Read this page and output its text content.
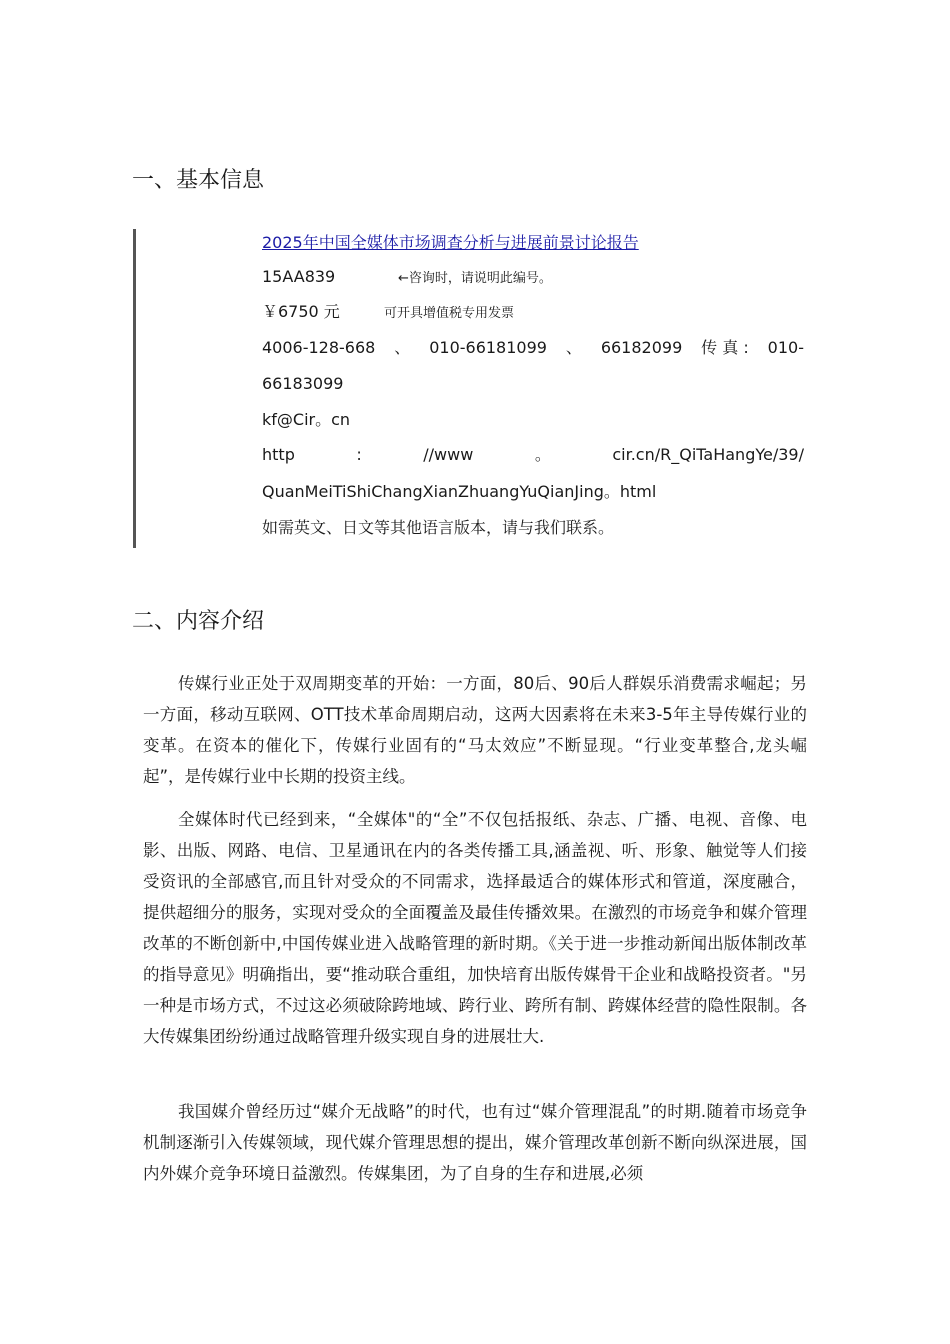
一、基本信息
2025年中国全媒体市场调查分析与进展前景讨论报告
15AA839	←咨询时，请说明此编号。
￥6750 元	可开具增值税专用发票
4006-128-668 、 010-66181099 、 66182099 传 真 : 010-
66183099
kf@Cir。cn
http	:	//www	。	cir.cn/R_QiTaHangYe/39/
QuanMeiTiShiChangXianZhuangYuQianJing。html
如需英文、日文等其他语言版本，请与我们联系。
二、内容介绍

传媒行业正处于双周期变革的开始：一方面，80后、90后人群娱乐消费需求崛起；另一方面，移动互联网、OTT技术革命周期启动，这两大因素将在未来3-5年主导传媒行业的变革。在资本的催化下，传媒行业固有的“马太效应”不断显现。“行业变革整合,龙头崛起”，是传媒行业中长期的投资主线。

全媒体时代已经到来，“全媒体"的“全”不仅包括报纸、杂志、广播、电视、音像、电影、出版、网路、电信、卫星通讯在内的各类传播工具,涵盖视、听、形象、触觉等人们接受资讯的全部感官,而且针对受众的不同需求，选择最适合的媒体形式和管道，深度融合，提供超细分的服务，实现对受众的全面覆盖及最佳传播效果。在激烈的市场竞争和媒介管理改革的不断创新中,中国传媒业进入战略管理的新时期。《关于进一步推动新闻出版体制改革的指导意见》明确指出，要“推动联合重组，加快培育出版传媒骨干企业和战略投资者。"另一种是市场方式，不过这必须破除跨地域、跨行业、跨所有制、跨媒体经营的隐性限制。各大传媒集团纷纷通过战略管理升级实现自身的进展壮大.

我国媒介曾经历过“媒介无战略”的时代，也有过“媒介管理混乱”的时期.随着市场竞争机制逐渐引入传媒领域，现代媒介管理思想的提出，媒介管理改革创新不断向纵深进展，国内外媒介竞争环境日益激烈。传媒集团，为了自身的生存和进展,必须
